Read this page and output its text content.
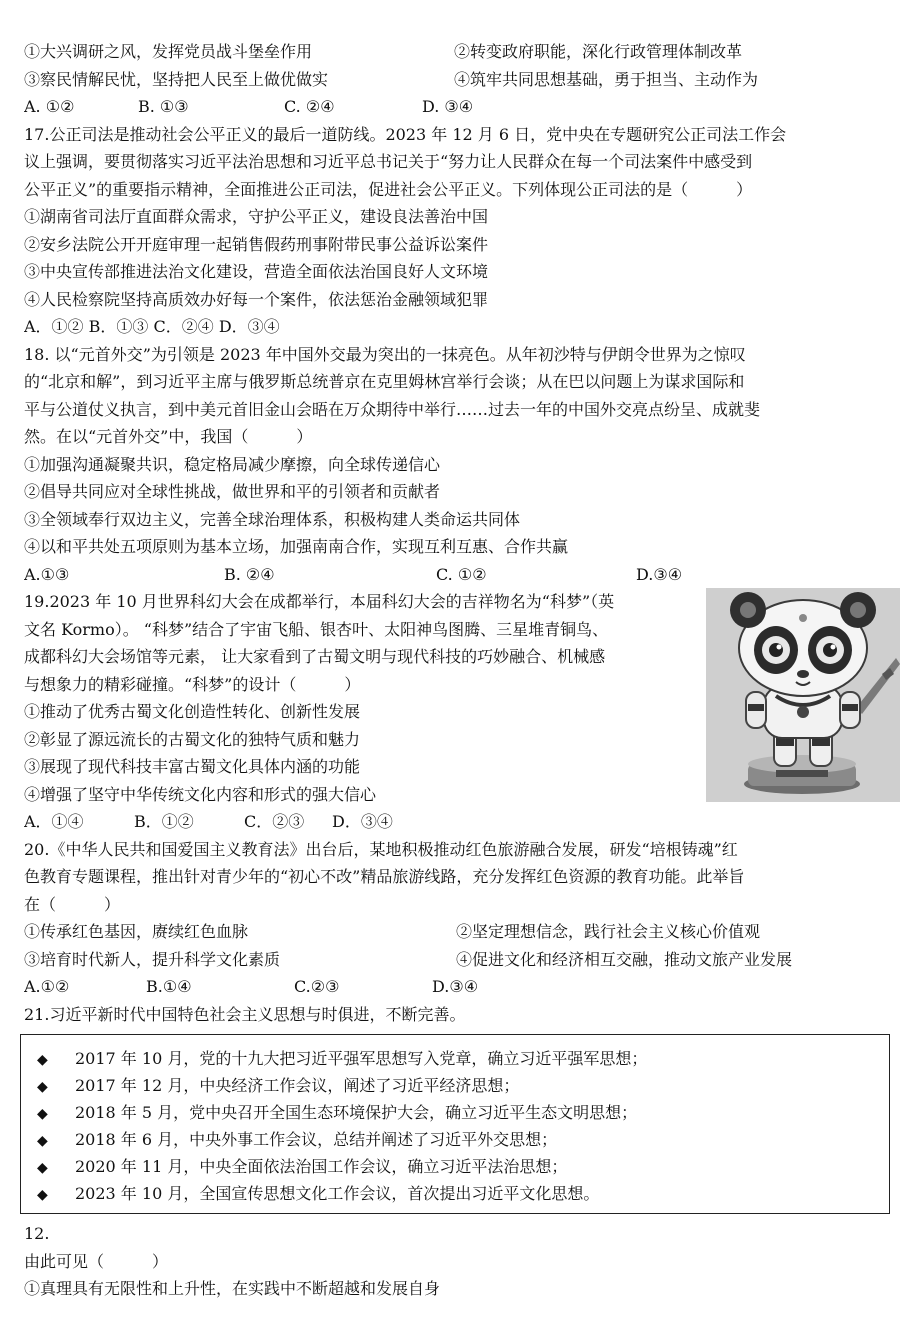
①大兴调研之风，发挥党员战斗堡垒作用	②转变政府职能，深化行政管理体制改革
③察民情解民忧，坚持把人民至上做优做实	④筑牢共同思想基础，勇于担当、主动作为
A. ①②	B. ①③	C. ②④	D. ③④
17.公正司法是推动社会公平正义的最后一道防线。2023 年 12 月 6 日，党中央在专题研究公正司法工作会
议上强调，要贯彻落实习近平法治思想和习近平总书记关于“努力让人民群众在每一个司法案件中感受到
公平正义”的重要指示精神，全面推进公正司法，促进社会公平正义。下列体现公正司法的是（　　　）
①湖南省司法厅直面群众需求，守护公平正义，建设良法善治中国
②安乡法院公开开庭审理一起销售假药刑事附带民事公益诉讼案件
③中央宣传部推进法治文化建设，营造全面依法治国良好人文环境
④人民检察院坚持高质效办好每一个案件，依法惩治金融领域犯罪
A．①② B．①③ C．②④ D．③④
18. 以“元首外交”为引领是 2023 年中国外交最为突出的一抹亮色。从年初沙特与伊朗令世界为之惊叹
的“北京和解”，到习近平主席与俄罗斯总统普京在克里姆林宫举行会谈；从在巴以问题上为谋求国际和
平与公道仗义执言，到中美元首旧金山会晤在万众期待中举行……过去一年的中国外交亮点纷呈、成就斐
然。在以“元首外交”中，我国（　　　）
①加强沟通凝聚共识，稳定格局减少摩擦，向全球传递信心
②倡导共同应对全球性挑战，做世界和平的引领者和贡献者
③全领域奉行双边主义，完善全球治理体系，积极构建人类命运共同体
④以和平共处五项原则为基本立场，加强南南合作，实现互利互惠、合作共赢
A.①③	B. ②④	C. ①②	D.③④
19.2023 年 10 月世界科幻大会在成都举行，本届科幻大会的吉祥物名为“科梦”（英
文名 Kormo）。 “科梦”结合了宇宙飞船、银杏叶、太阳神鸟图腾、三星堆青铜鸟、
成都科幻大会场馆等元素， 让大家看到了古蜀文明与现代科技的巧妙融合、机械感
与想象力的精彩碰撞。“科梦”的设计（　　　）
①推动了优秀古蜀文化创造性转化、创新性发展
②彰显了源远流长的古蜀文化的独特气质和魅力
③展现了现代科技丰富古蜀文化具体内涵的功能
④增强了坚守中华传统文化内容和形式的强大信心
A．①④	B．①②	C．②③ D．③④
20.《中华人民共和国爱国主义教育法》出台后，某地积极推动红色旅游融合发展，研发“培根铸魂”红
色教育专题课程，推出针对青少年的“初心不改”精品旅游线路，充分发挥红色资源的教育功能。此举旨
在（　　　）
①传承红色基因，赓续红色血脉	②坚定理想信念，践行社会主义核心价值观
③培育时代新人，提升科学文化素质	④促进文化和经济相互交融，推动文旅产业发展
A.①②	B.①④	C.②③	D.③④
21.习近平新时代中国特色社会主义思想与时俱进，不断完善。
◆ 2017 年 10 月，党的十九大把习近平强军思想写入党章，确立习近平强军思想；
◆ 2017 年 12 月，中央经济工作会议，阐述了习近平经济思想；
◆ 2018 年 5 月，党中央召开全国生态环境保护大会，确立习近平生态文明思想；
◆ 2018 年 6 月，中央外事工作会议，总结并阐述了习近平外交思想；
◆ 2020 年 11 月，中央全面依法治国工作会议，确立习近平法治思想；
◆ 2023 年 10 月，全国宣传思想文化工作会议，首次提出习近平文化思想。
12.
由此可见（　　　）
①真理具有无限性和上升性，在实践中不断超越和发展自身
